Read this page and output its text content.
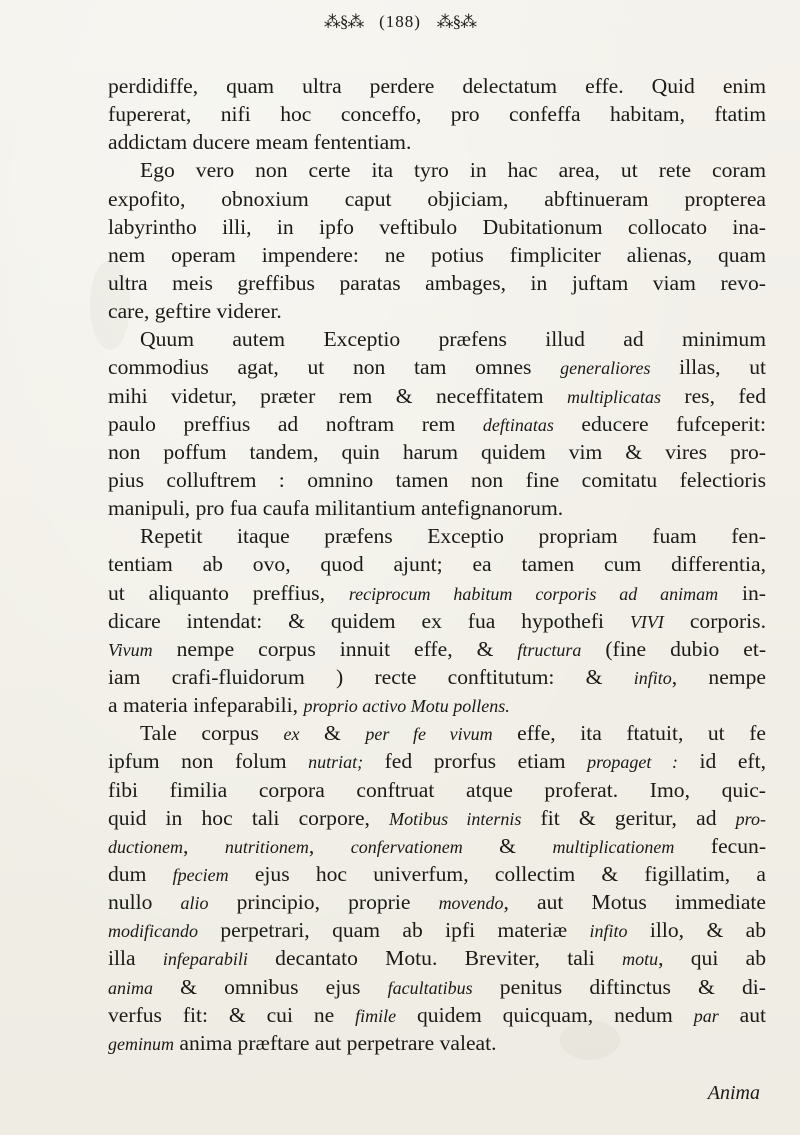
⁂§⁂ (188) ⁂§⁂
perdidiffe, quam ultra perdere delectatum effe. Quid enim
fupererat, nifi hoc conceffo, pro confeffa habitam, ftatim
addictam ducere meam fententiam.
Ego vero non certe ita tyro in hac area, ut rete coram
expofito, obnoxium caput objiciam, abftinueram propterea
labyrintho illi, in ipfo veftibulo Dubitationum collocato ina-
nem operam impendere: ne potius fimpliciter alienas, quam
ultra meis greffibus paratas ambages, in juftam viam revo-
care, geftire viderer.
Quum autem Exceptio præfens illud ad minimum
commodius agat, ut non tam omnes generaliores illas, ut
mihi videtur, præter rem & neceffitatem multiplicatas res, fed
paulo preffius ad noftram rem deftinatas educere fufceperit:
non poffum tandem, quin harum quidem vim & vires pro-
pius colluftrem : omnino tamen non fine comitatu felectioris
manipuli, pro fua caufa militantium antefignanorum.
Repetit itaque præfens Exceptio propriam fuam fen-
tentiam ab ovo, quod ajunt; ea tamen cum differentia,
ut aliquanto preffius, reciprocum habitum corporis ad animam in-
dicare intendat: & quidem ex fua hypothefi VIVI corporis.
Vivum nempe corpus innuit effe, & ftructura (fine dubio et-
iam crafi-fluidorum ) recte conftitutum: & infito, nempe
a materia infeparabili, proprio activo Motu pollens.
Tale corpus ex & per fe vivum effe, ita ftatuit, ut fe
ipfum non folum nutriat; fed prorfus etiam propaget : id eft,
fibi fimilia corpora conftruat atque proferat. Imo, quic-
quid in hoc tali corpore, Motibus internis fit & geritur, ad pro-
ductionem, nutritionem, confervationem & multiplicationem fecun-
dum fpeciem ejus hoc univerfum, collectim & figillatim, a
nullo alio principio, proprie movendo, aut Motus immediate
modificando perpetrari, quam ab ipfi materiæ infito illo, & ab
illa infeparabili decantato Motu. Breviter, tali motu, qui ab
anima & omnibus ejus facultatibus penitus diftinctus & di-
verfus fit: & cui ne fimile quidem quicquam, nedum par aut
geminum anima præftare aut perpetrare valeat.
Anima
